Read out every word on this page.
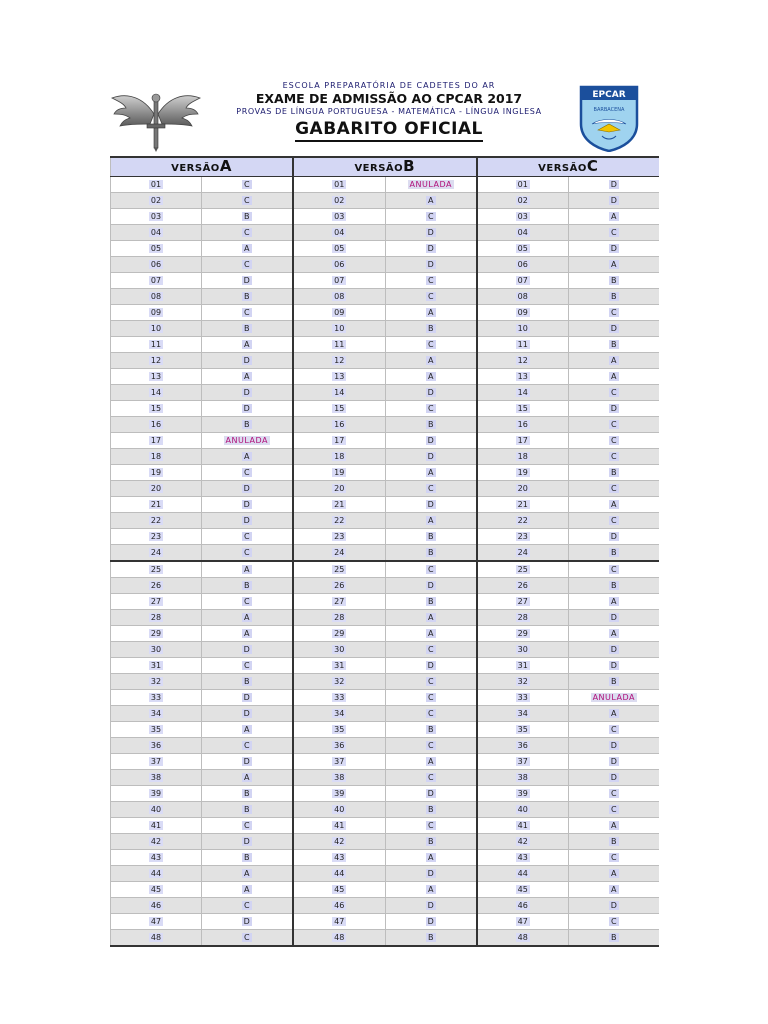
ESCOLA PREPARATÓRIA DE CADETES DO AR
EXAME DE ADMISSÃO AO CPCAR 2017
PROVAS DE LÍNGUA PORTUGUESA - MATEMÁTICA - LÍNGUA INGLESA
GABARITO OFICIAL
EPCAR
BARBACENA
VERSÃOA		VERSÃOB		VERSÃOC	
01	C	01	ANULADA	01	D
02	C	02	A	02	D
03	B	03	C	03	A
04	C	04	D	04	C
05	A	05	D	05	D
06	C	06	D	06	A
07	D	07	C	07	B
08	B	08	C	08	B
09	C	09	A	09	C
10	B	10	B	10	D
11	A	11	C	11	B
12	D	12	A	12	A
13	A	13	A	13	A
14	D	14	D	14	C
15	D	15	C	15	D
16	B	16	B	16	C
17	ANULADA	17	D	17	C
18	A	18	D	18	C
19	C	19	A	19	B
20	D	20	C	20	C
21	D	21	D	21	A
22	D	22	A	22	C
23	C	23	B	23	D
24	C	24	B	24	B
25	A	25	C	25	C
26	B	26	D	26	B
27	C	27	B	27	A
28	A	28	A	28	D
29	A	29	A	29	A
30	D	30	C	30	D
31	C	31	D	31	D
32	B	32	C	32	B
33	D	33	C	33	ANULADA
34	D	34	C	34	A
35	A	35	B	35	C
36	C	36	C	36	D
37	D	37	A	37	D
38	A	38	C	38	D
39	B	39	D	39	C
40	B	40	B	40	C
41	C	41	C	41	A
42	D	42	B	42	B
43	B	43	A	43	C
44	A	44	D	44	A
45	A	45	A	45	A
46	C	46	D	46	D
47	D	47	D	47	C
48	C	48	B	48	B
